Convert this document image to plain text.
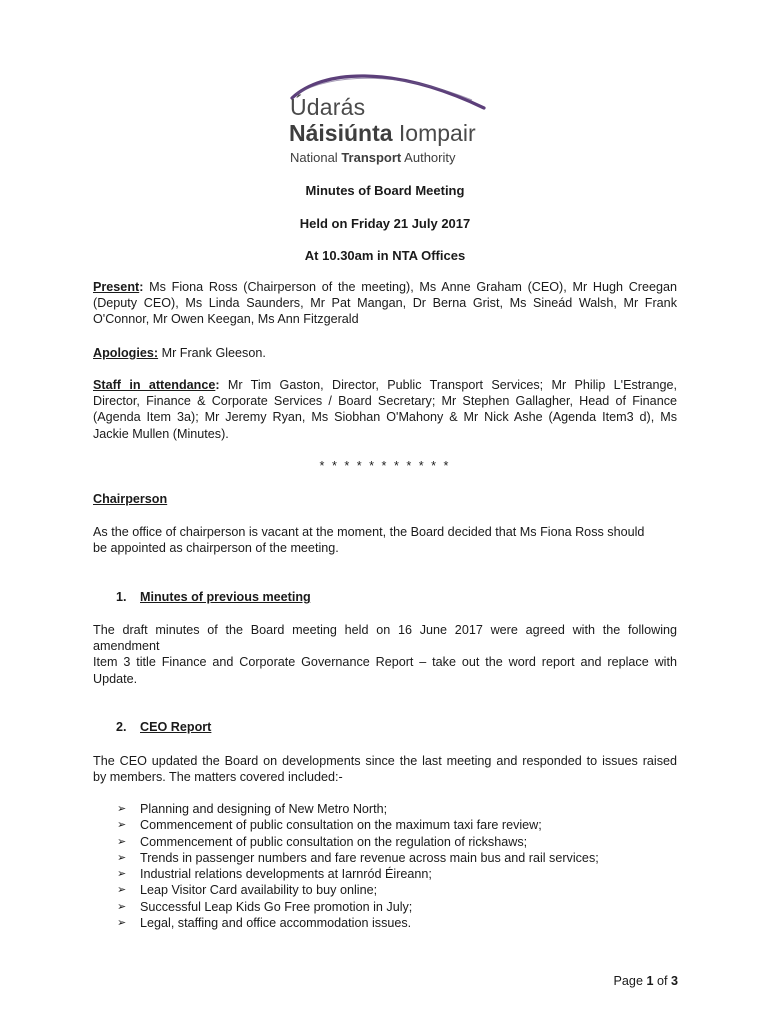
Údarás
Náisiúnta Iompair
National Transport Authority
Minutes of Board Meeting
Held on Friday 21 July 2017
At 10.30am in NTA Offices
Present: Ms Fiona Ross (Chairperson of the meeting), Ms Anne Graham (CEO), Mr Hugh Creegan
(Deputy CEO), Ms Linda Saunders, Mr Pat Mangan, Dr Berna Grist, Ms Sineád Walsh, Mr Frank
O'Connor, Mr Owen Keegan, Ms Ann Fitzgerald
Apologies: Mr Frank Gleeson.
Staff in attendance: Mr Tim Gaston, Director, Public Transport Services; Mr Philip L'Estrange,
Director, Finance & Corporate Services / Board Secretary; Mr Stephen Gallagher, Head of Finance
(Agenda Item 3a); Mr Jeremy Ryan, Ms Siobhan O'Mahony & Mr Nick Ashe (Agenda Item3 d), Ms
Jackie Mullen (Minutes).
* * * * * * * * * * *
Chairperson
As the office of chairperson is vacant at the moment, the Board decided that Ms Fiona Ross should
be appointed as chairperson of the meeting.
1. Minutes of previous meeting
The draft minutes of the Board meeting held on 16 June 2017 were agreed with the following
amendment
Item 3 title Finance and Corporate Governance Report – take out the word report and replace with
Update.
2. CEO Report
The CEO updated the Board on developments since the last meeting and responded to issues raised
by members. The matters covered included:-
➢	Planning and designing of New Metro North;
➢	Commencement of public consultation on the maximum taxi fare review;
➢	Commencement of public consultation on the regulation of rickshaws;
➢	Trends in passenger numbers and fare revenue across main bus and rail services;
➢	Industrial relations developments at Iarnród Éireann;
➢	Leap Visitor Card availability to buy online;
➢	Successful Leap Kids Go Free promotion in July;
➢	Legal, staffing and office accommodation issues.
Page 1 of 3
